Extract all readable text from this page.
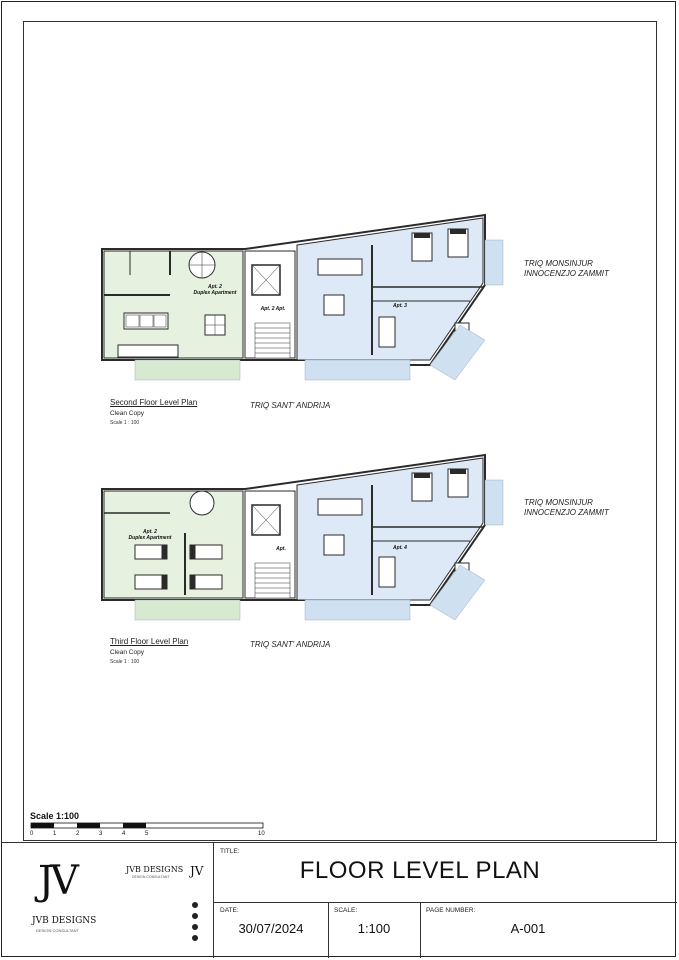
Apt. 2
Duplex Apartment
Apt. 2 Apt.	Apt. 3
TRIQ MONSINJUR
INNOCENZJO ZAMMIT
TRIQ SANT' ANDRIJA
Second Floor Level Plan
Clean Copy
Scale 1 : 100
Apt. 2
Duplex Apartment
Apt.	Apt. 4
TRIQ MONSINJUR
INNOCENZJO ZAMMIT
TRIQ SANT' ANDRIJA
Third Floor Level Plan
Clean Copy
Scale 1 : 100
Scale 1:100
0	1	2	3	4	5	10
TITLE:
FLOOR LEVEL PLAN
DATE:
30/07/2024
SCALE:
1:100
PAGE NUMBER:
A-001
JV
JVB DESIGNS
DESIGN CONSULTANT
JVB DESIGNS
DESIGN CONSULTANT JV
